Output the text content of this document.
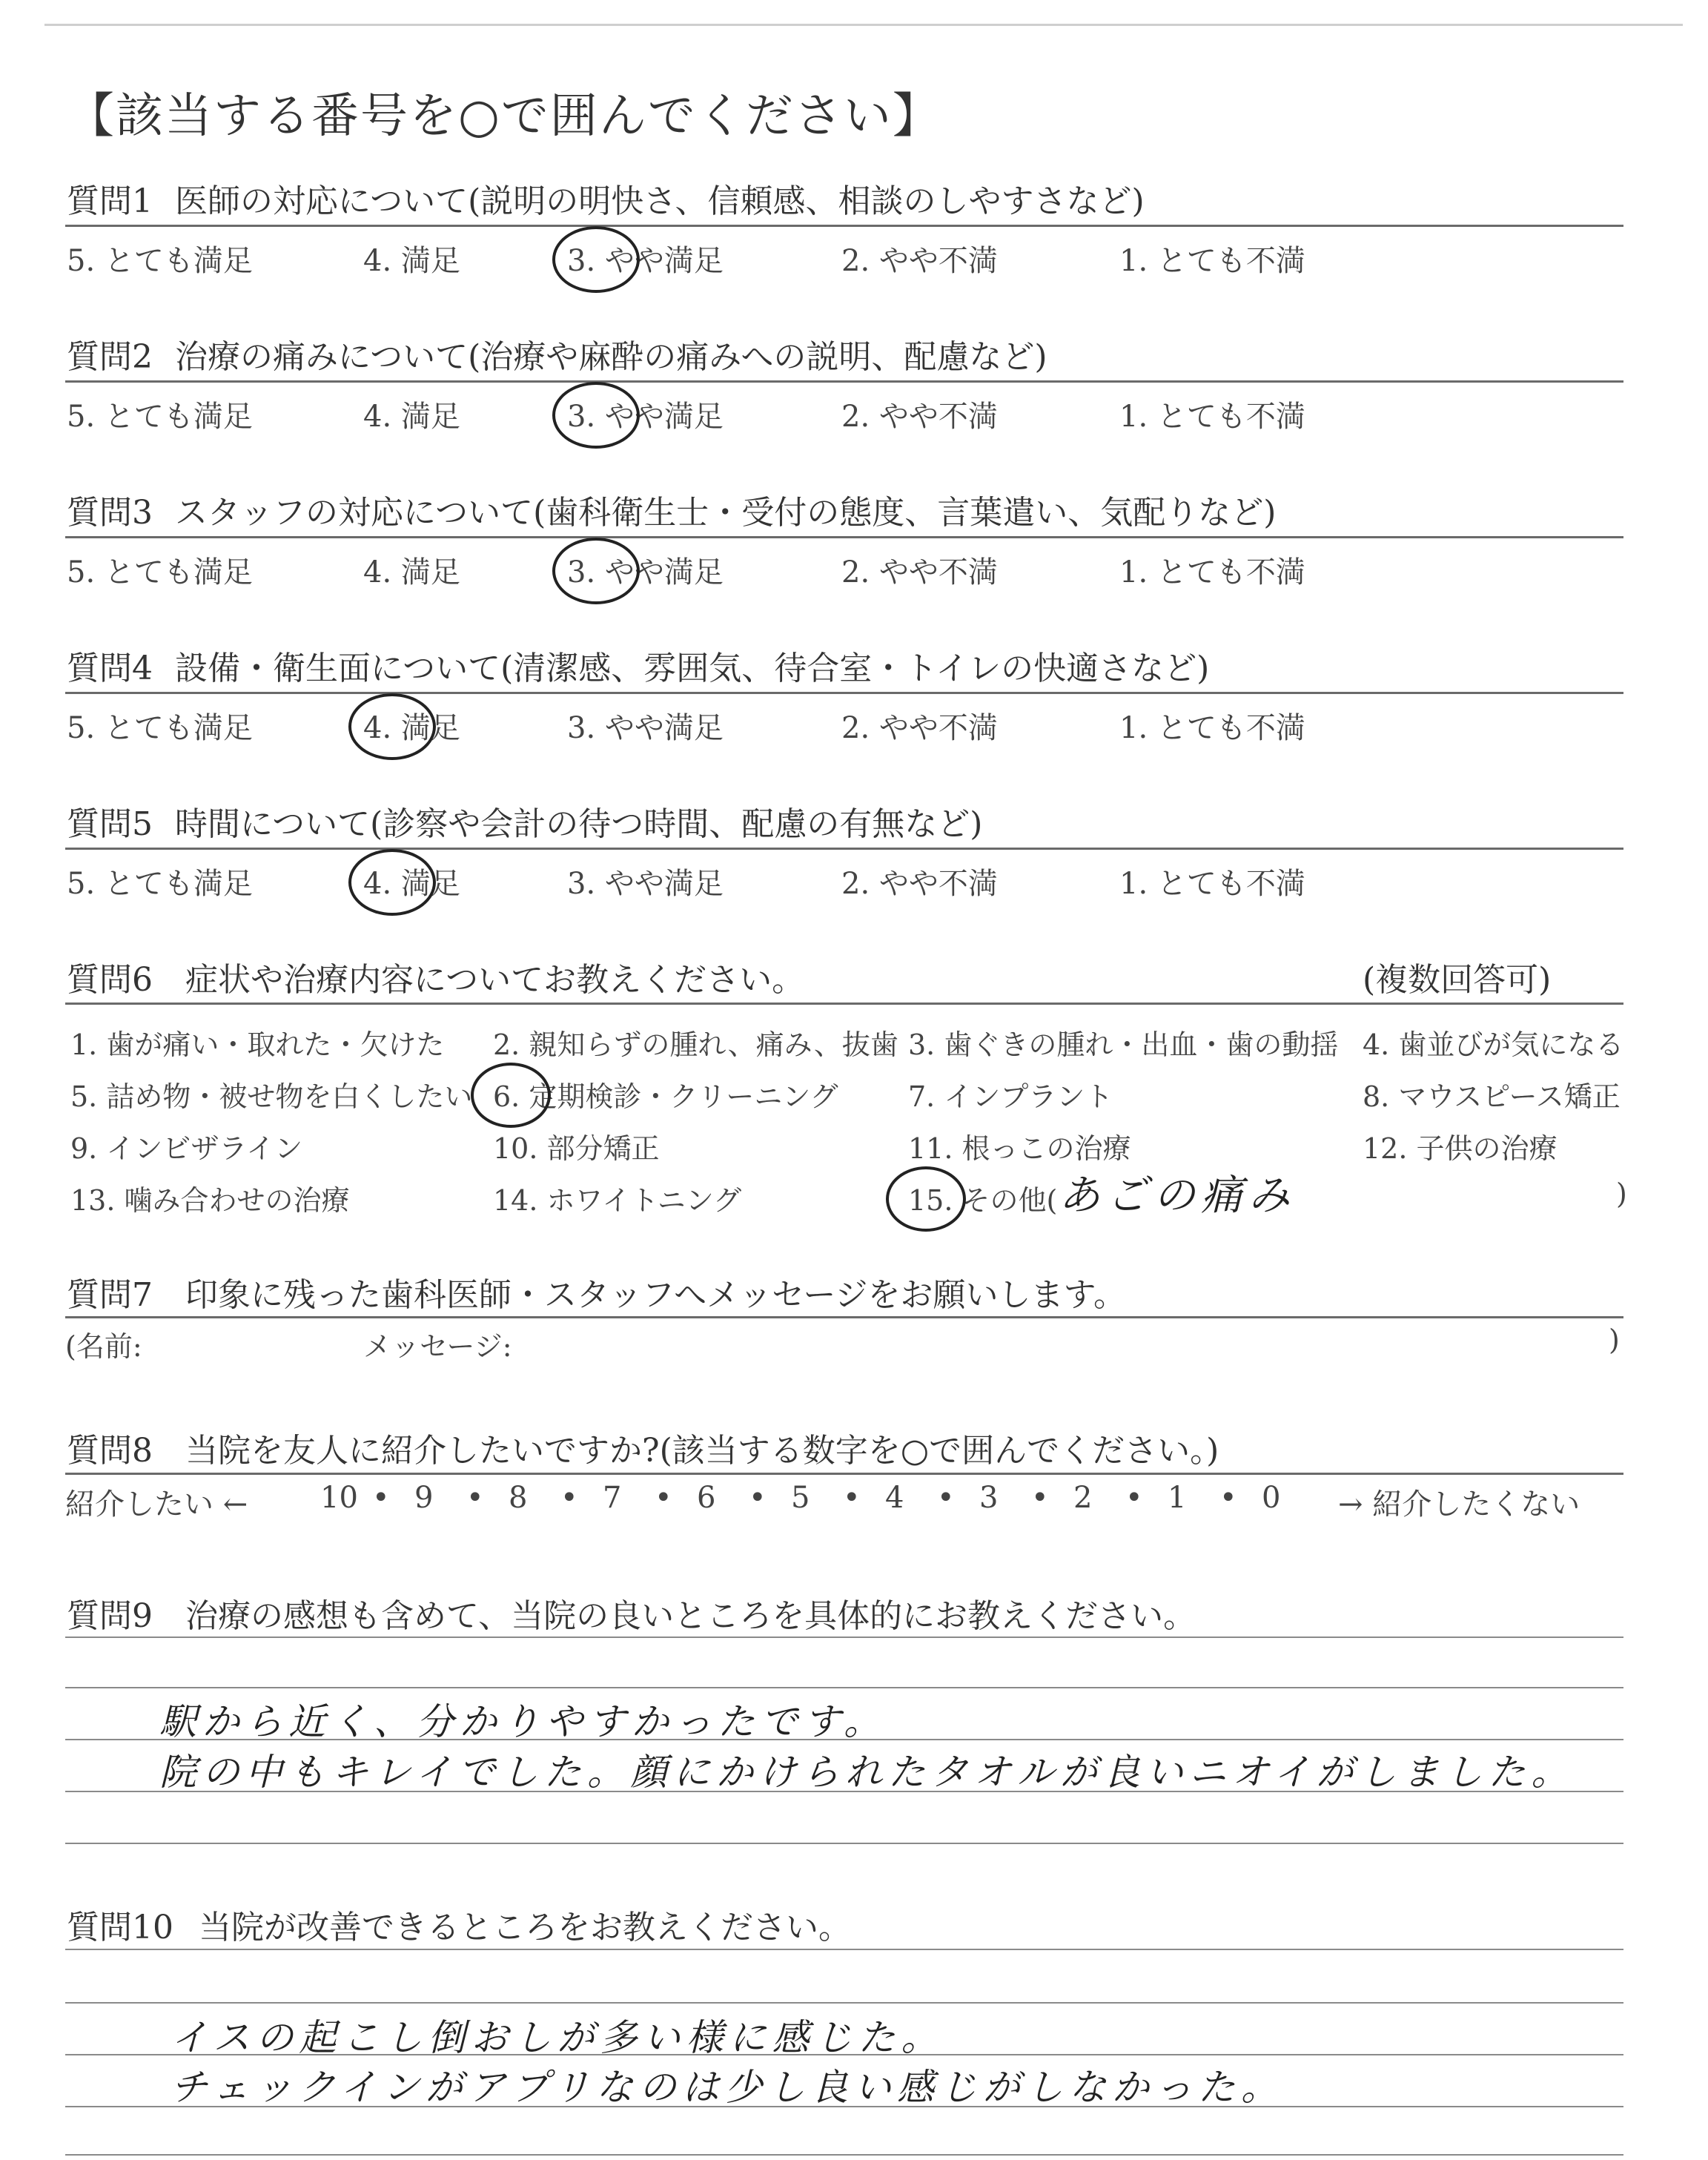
【該当する番号を○で囲んでください】
質問1 医師の対応について(説明の明快さ、信頼感、相談のしやすさなど)
5. とても満足	4. 満足	3. やや満足	2. やや不満	1. とても不満
質問2 治療の痛みについて(治療や麻酔の痛みへの説明、配慮など)
5. とても満足	4. 満足	3. やや満足	2. やや不満	1. とても不満
質問3 スタッフの対応について(歯科衛生士・受付の態度、言葉遣い、気配りなど)
5. とても満足	4. 満足	3. やや満足	2. やや不満	1. とても不満
質問4 設備・衛生面について(清潔感、雰囲気、待合室・トイレの快適さなど)
5. とても満足	4. 満足	3. やや満足	2. やや不満	1. とても不満
質問5 時間について(診察や会計の待つ時間、配慮の有無など)
5. とても満足	4. 満足	3. やや満足	2. やや不満	1. とても不満
質問6 症状や治療内容についてお教えください。	(複数回答可)
1. 歯が痛い・取れた・欠けた 2. 親知らずの腫れ、痛み、抜歯 3. 歯ぐきの腫れ・出血・歯の動揺 4. 歯並びが気になる
5. 詰め物・被せ物を白くしたい 6. 定期検診・クリーニング 7. インプラント	8. マウスピース矯正
9. インビザライン	10. 部分矯正	11. 根っこの治療	12. 子供の治療
13. 噛み合わせの治療	14. ホワイトニング	15. その他(	)
あごの痛み
質問7 印象に残った歯科医師・スタッフへメッセージをお願いします。
(名前:	メッセージ:	)
質問8 当院を友人に紹介したいですか?(該当する数字を○で囲んでください。)
紹介したい ← 10 • 9 • 8 • 7 • 6 • 5 • 4 • 3 • 2 • 1 • 0 → 紹介したくない
質問9 治療の感想も含めて、当院の良いところを具体的にお教えください。
駅から近く、分かりやすかったです。
院の中もキレイでした。顔にかけられたタオルが良いニオイがしました。
質問10 当院が改善できるところをお教えください。
イスの起こし倒おしが多い様に感じた。
チェックインがアプリなのは少し良い感じがしなかった。
